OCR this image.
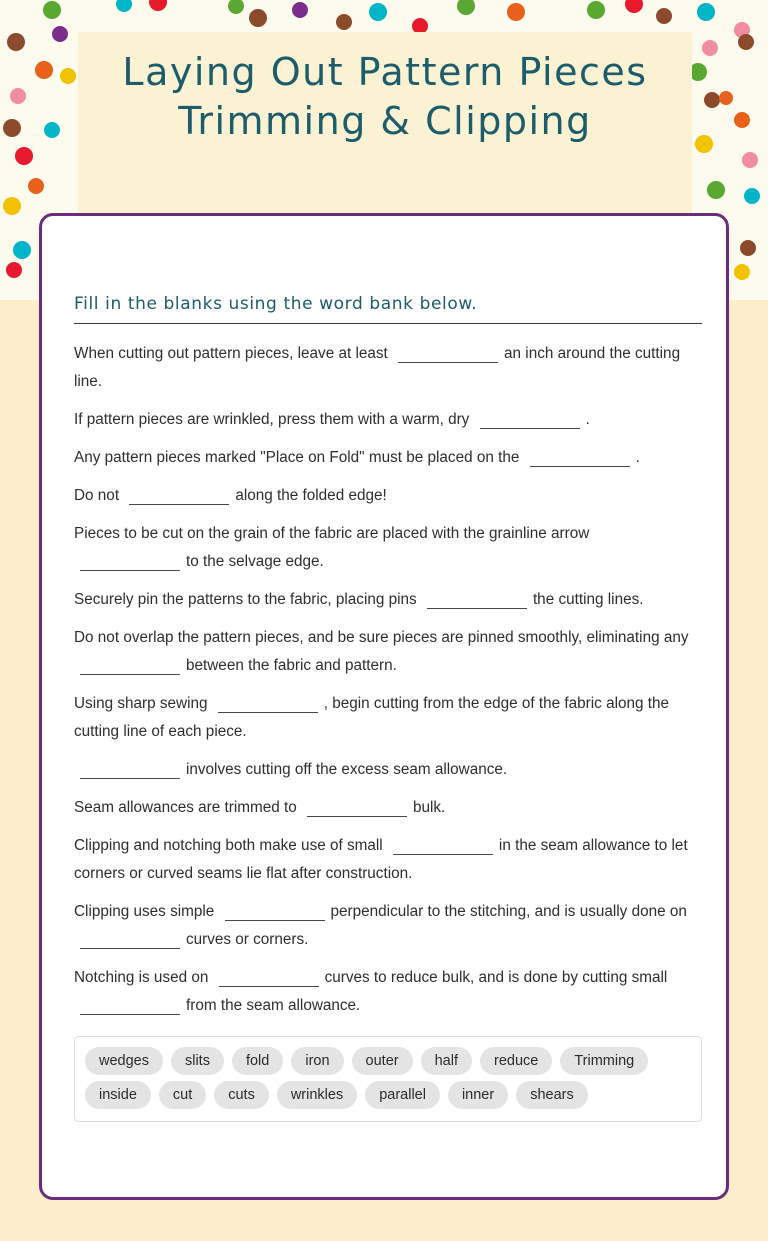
Laying Out Pattern Pieces Trimming & Clipping
Fill in the blanks using the word bank below.
When cutting out pattern pieces, leave at least	an inch around the cutting line.
If pattern pieces are wrinkled, press them with a warm, dry	.
Any pattern pieces marked "Place on Fold" must be placed on the	.
Do not	along the folded edge!
Pieces to be cut on the grain of the fabric are placed with the grainline arrow to the selvage edge.
Securely pin the patterns to the fabric, placing pins	the cutting lines.
Do not overlap the pattern pieces, and be sure pieces are pinned smoothly, eliminating any between the fabric and pattern.
Using sharp sewing	, begin cutting from the edge of the fabric along the cutting line of each piece.
involves cutting off the excess seam allowance.
Seam allowances are trimmed to	bulk.
Clipping and notching both make use of small	in the seam allowance to let corners or curved seams lie flat after construction.
Clipping uses simple	perpendicular to the stitching, and is usually done on curves or corners.
Notching is used on	curves to reduce bulk, and is done by cutting small from the seam allowance.
wedges	slits	fold	iron	outer	half	reduce	Trimming
inside	cut	cuts	wrinkles	parallel	inner	shears
